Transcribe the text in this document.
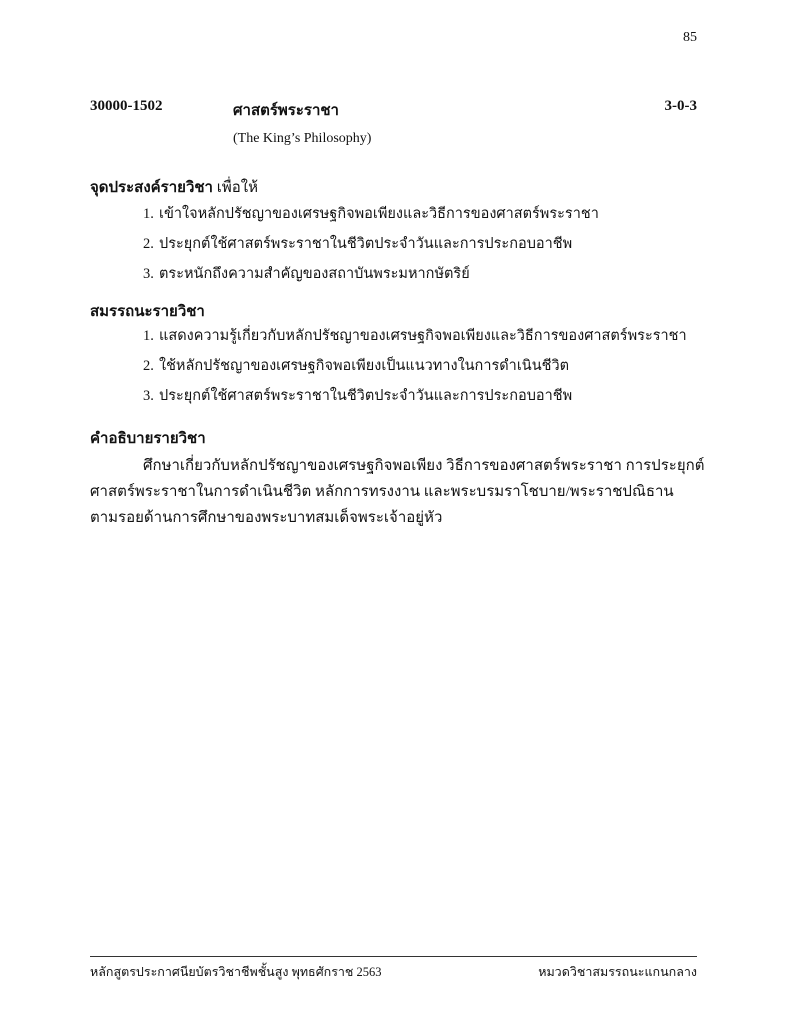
85
30000-1502	ศาสตร์พระราชา	3-0-3
(The King’s Philosophy)
จุดประสงค์รายวิชา เพื่อให้
1. เข้าใจหลักปรัชญาของเศรษฐกิจพอเพียงและวิธีการของศาสตร์พระราชา
2. ประยุกต์ใช้ศาสตร์พระราชาในชีวิตประจำวันและการประกอบอาชีพ
3. ตระหนักถึงความสำคัญของสถาบันพระมหากษัตริย์
สมรรถนะรายวิชา
1. แสดงความรู้เกี่ยวกับหลักปรัชญาของเศรษฐกิจพอเพียงและวิธีการของศาสตร์พระราชา
2. ใช้หลักปรัชญาของเศรษฐกิจพอเพียงเป็นแนวทางในการดำเนินชีวิต
3. ประยุกต์ใช้ศาสตร์พระราชาในชีวิตประจำวันและการประกอบอาชีพ
คำอธิบายรายวิชา
ศึกษาเกี่ยวกับหลักปรัชญาของเศรษฐกิจพอเพียง วิธีการของศาสตร์พระราชา การประยุกต์
ศาสตร์พระราชาในการดำเนินชีวิต หลักการทรงงาน และพระบรมราโชบาย/พระราชปณิธาน
ตามรอยด้านการศึกษาของพระบาทสมเด็จพระเจ้าอยู่หัว
หลักสูตรประกาศนียบัตรวิชาชีพชั้นสูง พุทธศักราช 2563	หมวดวิชาสมรรถนะแกนกลาง
